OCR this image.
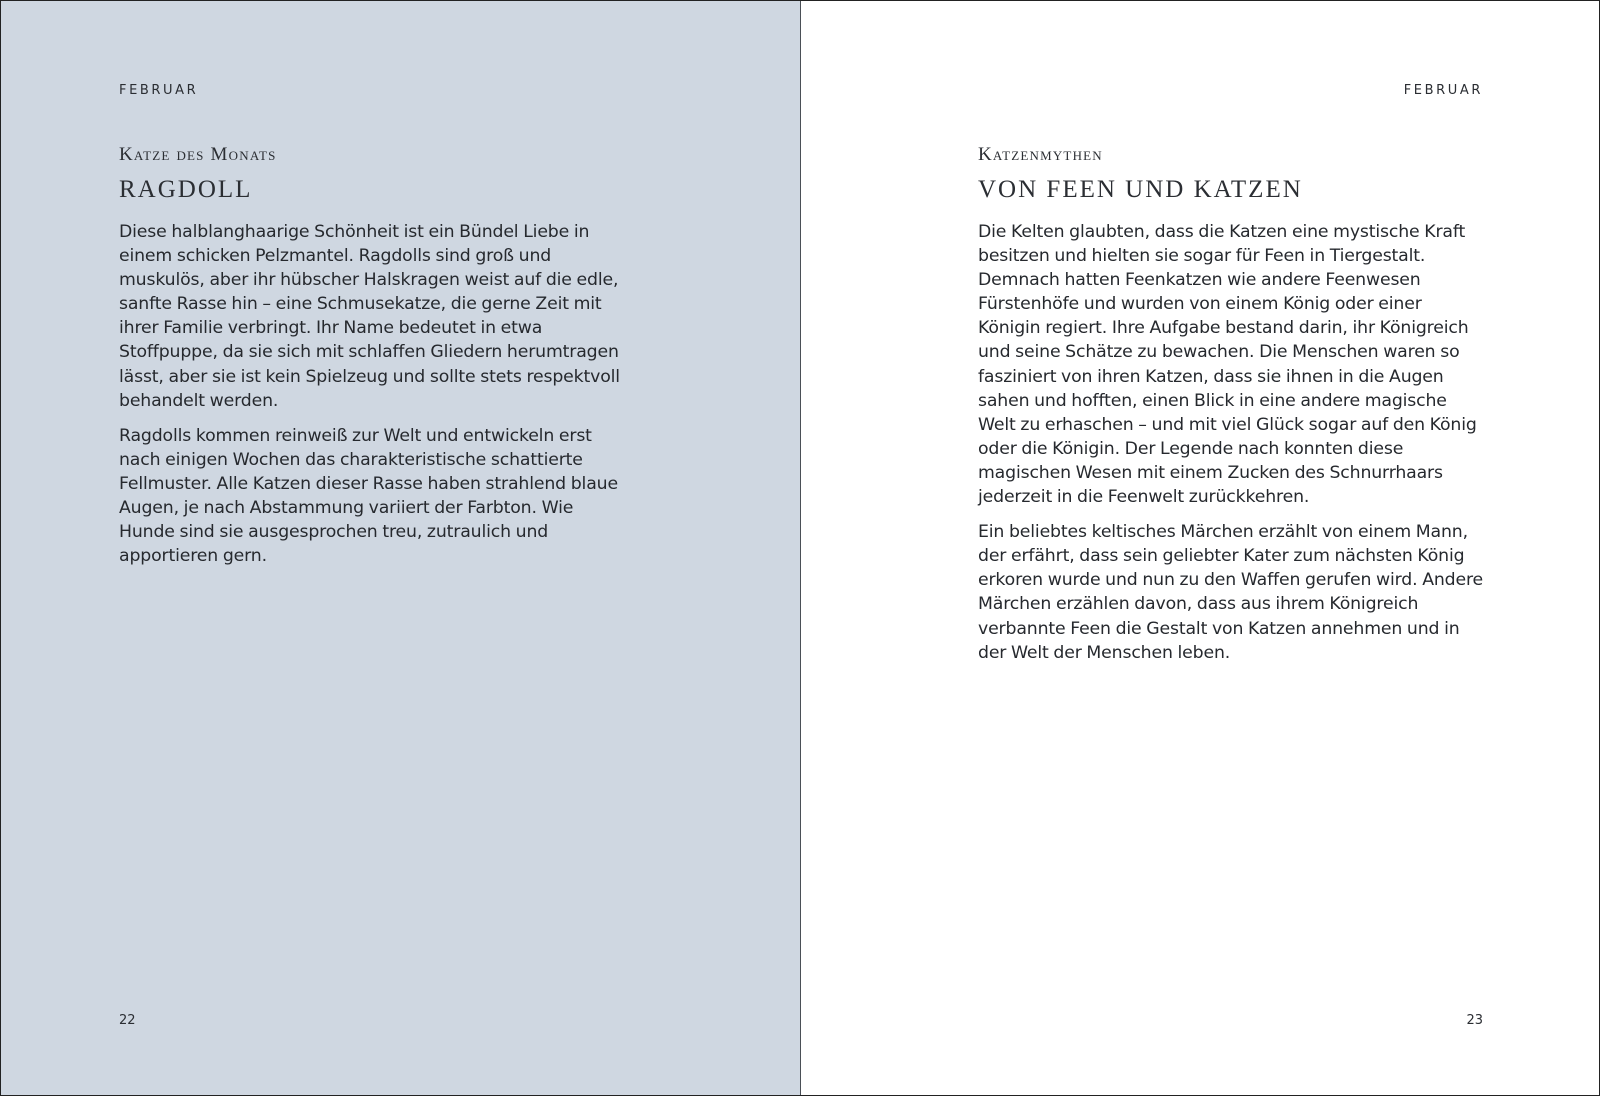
FEBRUAR
Katze des Monats
RAGDOLL

Diese halblanghaarige Schönheit ist ein Bündel Liebe in einem schicken Pelzmantel. Ragdolls sind groß und muskulös, aber ihr hübscher Halskragen weist auf die edle, sanfte Rasse hin – eine Schmusekatze, die gerne Zeit mit ihrer Familie verbringt. Ihr Name bedeutet in etwa Stoffpuppe, da sie sich mit schlaffen Gliedern herumtragen lässt, aber sie ist kein Spielzeug und sollte stets respektvoll behandelt werden.

Ragdolls kommen reinweiß zur Welt und entwickeln erst nach einigen Wochen das charakteristische schattierte Fellmuster. Alle Katzen dieser Rasse haben strahlend blaue Augen, je nach Abstammung variiert der Farbton. Wie Hunde sind sie ausgesprochen treu, zutraulich und apportieren gern.

22
FEBRUAR
Katzenmythen
VON FEEN UND KATZEN

Die Kelten glaubten, dass die Katzen eine mystische Kraft besitzen und hielten sie sogar für Feen in Tiergestalt. Demnach hatten Feenkatzen wie andere Feenwesen Fürstenhöfe und wurden von einem König oder einer Königin regiert. Ihre Aufgabe bestand darin, ihr Königreich und seine Schätze zu bewachen. Die Menschen waren so fasziniert von ihren Katzen, dass sie ihnen in die Augen sahen und hofften, einen Blick in eine andere magische Welt zu erhaschen – und mit viel Glück sogar auf den König oder die Königin. Der Legende nach konnten diese magischen Wesen mit einem Zucken des Schnurrhaars jederzeit in die Feenwelt zurückkehren.

Ein beliebtes keltisches Märchen erzählt von einem Mann, der erfährt, dass sein geliebter Kater zum nächsten König erkoren wurde und nun zu den Waffen gerufen wird. Andere Märchen erzählen davon, dass aus ihrem Königreich verbannte Feen die Gestalt von Katzen annehmen und in der Welt der Menschen leben.

23
